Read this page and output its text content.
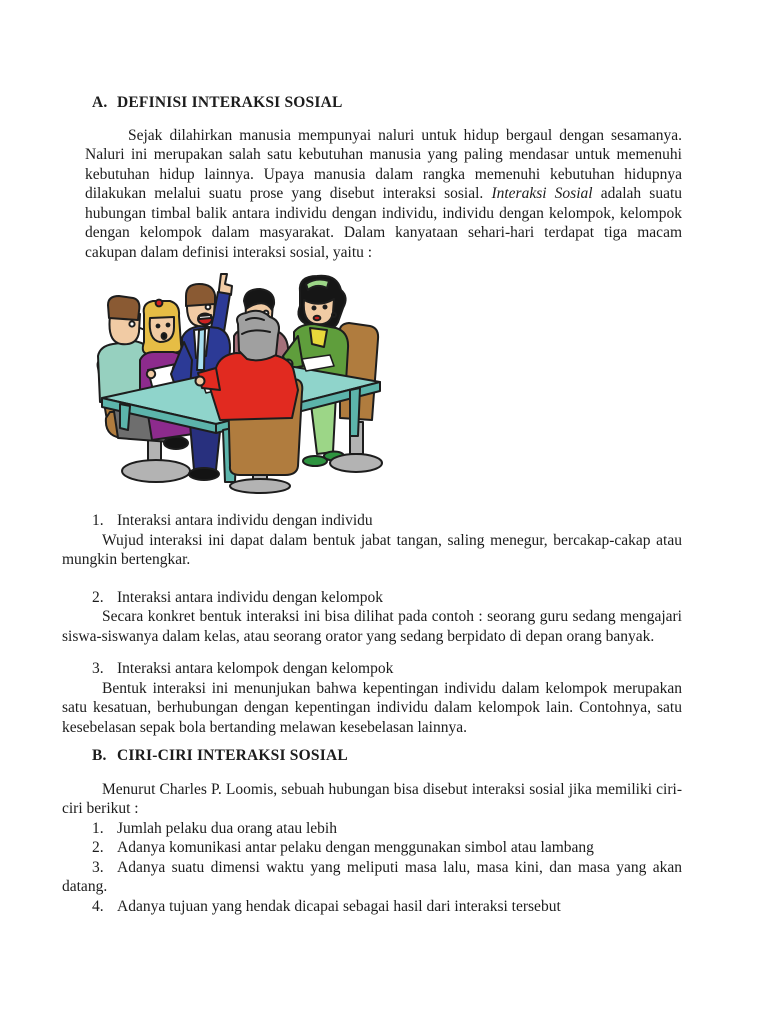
A. DEFINISI INTERAKSI SOSIAL

Sejak dilahirkan manusia mempunyai naluri untuk hidup bergaul dengan sesamanya. Naluri ini merupakan salah satu kebutuhan manusia yang paling mendasar untuk memenuhi kebutuhan hidup lainnya. Upaya manusia dalam rangka memenuhi kebutuhan hidupnya dilakukan melalui suatu prose yang disebut interaksi sosial. Interaksi Sosial adalah suatu hubungan timbal balik antara individu dengan individu, individu dengan kelompok, kelompok dengan kelompok dalam masyarakat. Dalam kanyataan sehari-hari terdapat tiga macam cakupan dalam definisi interaksi sosial, yaitu :

1. Interaksi antara individu dengan individu

Wujud interaksi ini dapat dalam bentuk jabat tangan, saling menegur, bercakap-cakap atau mungkin bertengkar.

2. Interaksi antara individu dengan kelompok

Secara konkret bentuk interaksi ini bisa dilihat pada contoh : seorang guru sedang mengajari siswa-siswanya dalam kelas, atau seorang orator yang sedang berpidato di depan orang banyak.

3. Interaksi antara kelompok dengan kelompok

Bentuk interaksi ini menunjukan bahwa kepentingan individu dalam kelompok merupakan satu kesatuan, berhubungan dengan kepentingan individu dalam kelompok lain. Contohnya, satu kesebelasan sepak bola bertanding melawan kesebelasan lainnya.

B. CIRI-CIRI INTERAKSI SOSIAL

Menurut Charles P. Loomis, sebuah hubungan bisa disebut interaksi sosial jika memiliki ciri-ciri berikut :

1. Jumlah pelaku dua orang atau lebih

2. Adanya komunikasi antar pelaku dengan menggunakan simbol atau lambang

3. Adanya suatu dimensi waktu yang meliputi masa lalu, masa kini, dan masa yang akan datang.

4. Adanya tujuan yang hendak dicapai sebagai hasil dari interaksi tersebut
